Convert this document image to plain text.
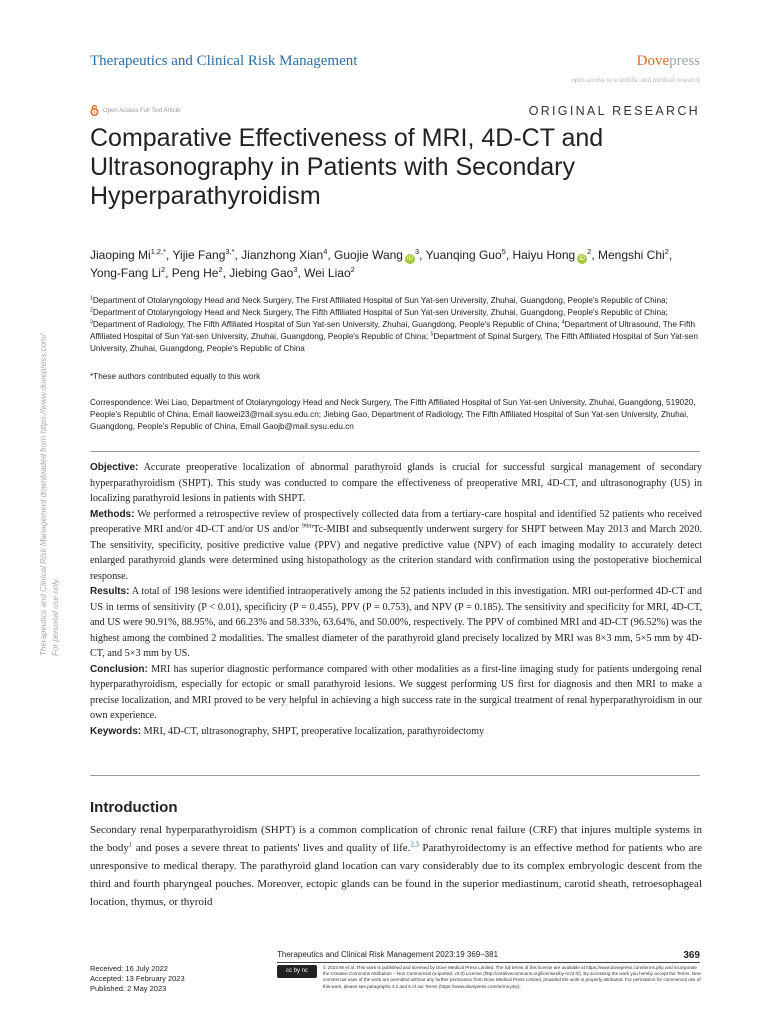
Therapeutics and Clinical Risk Management	Dovepress
open access to scientific and medical research
Open Access Full Text Article	ORIGINAL RESEARCH
Comparative Effectiveness of MRI, 4D-CT and Ultrasonography in Patients with Secondary Hyperparathyroidism
Jiaoping $Mi^{1,2,*}$, Yijie Fang$^{3,*}$, Jianzhong Xian$^4$, Guojie Wang $iD^3$, Yuanqing Guo$^5$, Haiyu Hong $iD^2$, Mengshi Chi$^2$, Yong-Fang Li$^2$, Peng He$^2$, Jiebing Gao$^3$, Wei Liao$^2$
$^1$Department of Otolaryngology Head and Neck Surgery, The First Affiliated Hospital of Sun Yat-sen University, Zhuhai, Guangdong, People's Republic of China; $^2$Department of Otolaryngology Head and Neck Surgery, The Fifth Affiliated Hospital of Sun Yat-sen University, Zhuhai, Guangdong, People's Republic of China; $^3$Department of Radiology, The Fifth Affiliated Hospital of Sun Yat-sen University, Zhuhai, Guangdong, People's Republic of China; $^4$Department of Ultrasound, The Fifth Affiliated Hospital of Sun Yat-sen University, Zhuhai, Guangdong, People's Republic of China; $^5$Department of Spinal Surgery, The Fifth Affiliated Hospital of Sun Yat-sen University, Zhuhai, Guangdong, People's Republic of China
*These authors contributed equally to this work
Correspondence: Wei Liao, Department of Otolaryngology Head and Neck Surgery, The Fifth Affiliated Hospital of Sun Yat-sen University, Zhuhai, Guangdong, 519020, People's Republic of China, Email liaowei23@mail.sysu.edu.cn; Jiebing Gao, Department of Radiology, The Fifth Affiliated Hospital of Sun Yat-sen University, Zhuhai, Guangdong, People's Republic of China, Email Gaojb@mail.sysu.edu.cn

Objective: Accurate preoperative localization of abnormal parathyroid glands is crucial for successful surgical management of secondary hyperparathyroidism (SHPT). This study was conducted to compare the effectiveness of preoperative MRI, 4D-CT, and ultrasonography (US) in localizing parathyroid lesions in patients with SHPT.

Methods: We performed a retrospective review of prospectively collected data from a tertiary-care hospital and identified 52 patients who received preoperative MRI and/or 4D-CT and/or US and/or $^{99m}$Tc-MIBI and subsequently underwent surgery for SHPT between May 2013 and March 2020. The sensitivity, specificity, positive predictive value (PPV) and negative predictive value (NPV) of each imaging modality to accurately detect enlarged parathyroid glands were determined using histopathology as the criterion standard with confirmation using the postoperative biochemical response.

Results: A total of 198 lesions were identified intraoperatively among the 52 patients included in this investigation. MRI out-performed 4D-CT and US in terms of sensitivity (P < 0.01), specificity (P = 0.455), PPV (P = 0.753), and NPV (P = 0.185). The sensitivity and specificity for MRI, 4D-CT, and US were 90.91%, 88.95%, and 66.23% and 58.33%, 63.64%, and 50.00%, respectively. The PPV of combined MRI and 4D-CT (96.52%) was the highest among the combined 2 modalities. The smallest diameter of the parathyroid gland precisely localized by MRI was 8×3 mm, 5×5 mm by 4D-CT, and 5×3 mm by US.

Conclusion: MRI has superior diagnostic performance compared with other modalities as a first-line imaging study for patients undergoing renal hyperparathyroidism, especially for ectopic or small parathyroid lesions. We suggest performing US first for diagnosis and then MRI to make a precise localization, and MRI proved to be very helpful in achieving a high success rate in the surgical treatment of renal hyperparathyroidism in our own experience.

Keywords: MRI, 4D-CT, ultrasonography, SHPT, preoperative localization, parathyroidectomy

Introduction

Secondary renal hyperparathyroidism (SHPT) is a common complication of chronic renal failure (CRF) that injures multiple systems in the body$^1$ and poses a severe threat to patients' lives and quality of life.$^{2,3}$ Parathyroidectomy is an effective method for patients who are unresponsive to medical therapy. The parathyroid gland location can vary considerably due to its complex embryologic descent from the third and fourth pharyngeal pouches. Moreover, ectopic glands can be found in the superior mediastinum, carotid sheath, retroesophageal location, thymus, or thyroid

Therapeutics and Clinical Risk Management downloaded from https://www.dovepress.com/ For personal use only.
Received: 16 July 2022
Accepted: 13 February 2023
Published: 2 May 2023
Therapeutics and Clinical Risk Management 2023:19 369–381	369
cc by nc
© 2023 Mi et al. This work is published and licensed by Dove Medical Press Limited. The full terms of this license are available at https://www.dovepress.com/terms.php and incorporate the Creative Commons Attribution – Non Commercial (unported, v3.0) License (http://creativecommons.org/licenses/by-nc/3.0/). By accessing the work you hereby accept the Terms. Non-commercial uses of the work are permitted without any further permission from Dove Medical Press Limited, provided the work is properly attributed. For permission for commercial use of this work, please see paragraphs 4.2 and 5 of our Terms (https://www.dovepress.com/terms.php).
